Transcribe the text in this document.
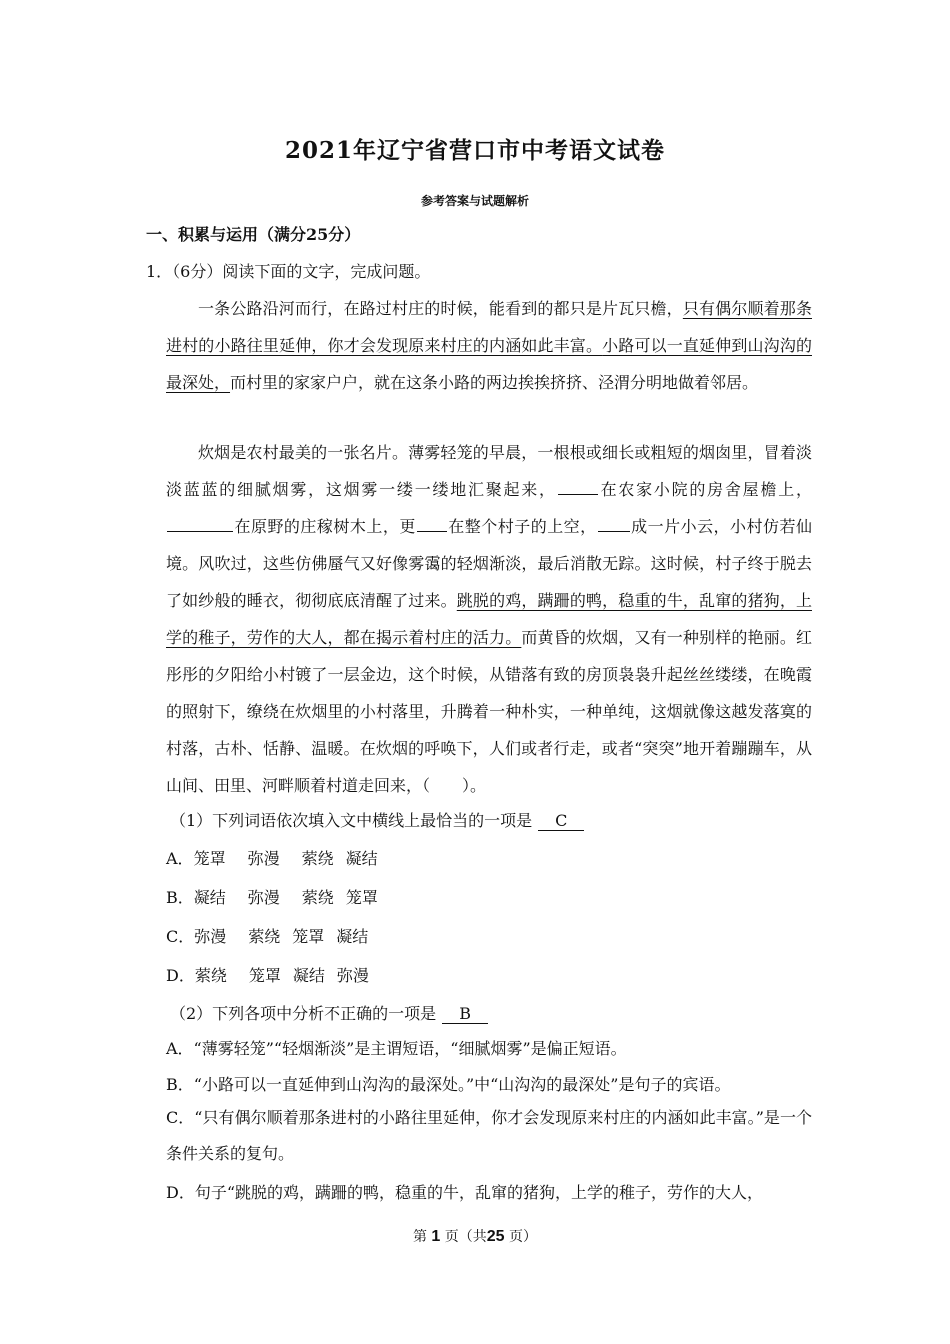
2021年辽宁省营口市中考语文试卷
参考答案与试题解析
一、积累与运用（满分25分）
1．（6分）阅读下面的文字，完成问题。

一条公路沿河而行，在路过村庄的时候，能看到的都只是片瓦只檐，只有偶尔顺着那条进村的小路往里延伸，你才会发现原来村庄的内涵如此丰富。小路可以一直延伸到山沟沟的最深处，而村里的家家户户，就在这条小路的两边挨挨挤挤、泾渭分明地做着邻居。

炊烟是农村最美的一张名片。薄雾轻笼的早晨，一根根或细长或粗短的烟囱里，冒着淡淡蓝蓝的细腻烟雾，这烟雾一缕一缕地汇聚起来，	在农家小院的房舍屋檐上，在原野的庄稼树木上，更 在整个村子的上空， 成一片小云，小村仿若仙境。风吹过，这些仿佛蜃气又好像雾霭的轻烟渐淡，最后消散无踪。这时候，村子终于脱去了如纱般的睡衣，彻彻底底清醒了过来。跳脱的鸡，蹒跚的鸭，稳重的牛，乱窜的猪狗，上学的稚子，劳作的大人，都在揭示着村庄的活力。而黄昏的炊烟，又有一种别样的艳丽。红彤彤的夕阳给小村镀了一层金边，这个时候，从错落有致的房顶袅袅升起丝丝缕缕，在晚霞的照射下，缭绕在炊烟里的小村落里，升腾着一种朴实，一种单纯，这烟就像这越发落寞的村落，古朴、恬静、温暖。在炊烟的呼唤下，人们或者行走，或者“突突”地开着蹦蹦车，从山间、田里、河畔顺着村道走回来，（　　）。

（1）下列词语依次填入文中横线上最恰当的一项是 C
A．笼罩 弥漫 萦绕 凝结
B．凝结 弥漫 萦绕 笼罩
C．弥漫 萦绕 笼罩 凝结
D．萦绕 笼罩 凝结 弥漫
（2）下列各项中分析不正确的一项是 B
A．“薄雾轻笼”“轻烟渐淡”是主谓短语，“细腻烟雾”是偏正短语。
B．“小路可以一直延伸到山沟沟的最深处。”中“山沟沟的最深处”是句子的宾语。
C．“只有偶尔顺着那条进村的小路往里延伸，你才会发现原来村庄的内涵如此丰富。”是一个条件关系的复句。
D．句子“跳脱的鸡，蹒跚的鸭，稳重的牛，乱窜的猪狗，上学的稚子，劳作的大人，
第 1 页（共25 页）
